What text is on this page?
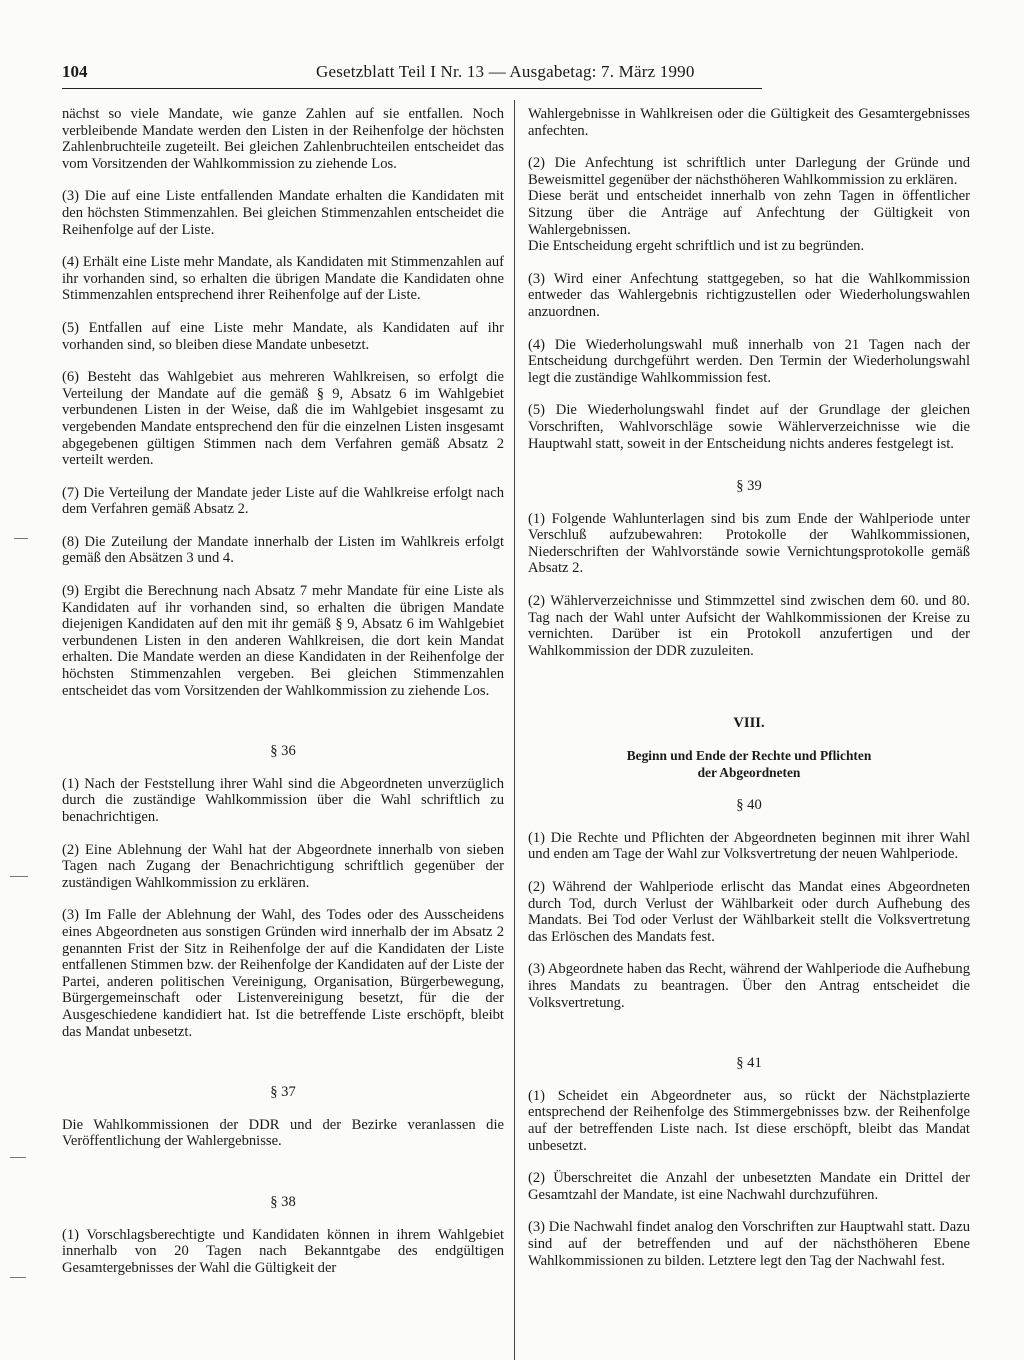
104	Gesetzblatt Teil I Nr. 13 — Ausgabetag: 7. März 1990

nächst so viele Mandate, wie ganze Zahlen auf sie entfallen. Noch verbleibende Mandate werden den Listen in der Reihenfolge der höchsten Zahlenbruchteile zugeteilt. Bei gleichen Zahlenbruchteilen entscheidet das vom Vorsitzenden der Wahlkommission zu ziehende Los.

(3) Die auf eine Liste entfallenden Mandate erhalten die Kandidaten mit den höchsten Stimmenzahlen. Bei gleichen Stimmenzahlen entscheidet die Reihenfolge auf der Liste.

(4) Erhält eine Liste mehr Mandate, als Kandidaten mit Stimmenzahlen auf ihr vorhanden sind, so erhalten die übrigen Mandate die Kandidaten ohne Stimmenzahlen entsprechend ihrer Reihenfolge auf der Liste.

(5) Entfallen auf eine Liste mehr Mandate, als Kandidaten auf ihr vorhanden sind, so bleiben diese Mandate unbesetzt.

(6) Besteht das Wahlgebiet aus mehreren Wahlkreisen, so erfolgt die Verteilung der Mandate auf die gemäß § 9, Absatz 6 im Wahlgebiet verbundenen Listen in der Weise, daß die im Wahlgebiet insgesamt zu vergebenden Mandate entsprechend den für die einzelnen Listen insgesamt abgegebenen gültigen Stimmen nach dem Verfahren gemäß Absatz 2 verteilt werden.

(7) Die Verteilung der Mandate jeder Liste auf die Wahlkreise erfolgt nach dem Verfahren gemäß Absatz 2.

(8) Die Zuteilung der Mandate innerhalb der Listen im Wahlkreis erfolgt gemäß den Absätzen 3 und 4.

(9) Ergibt die Berechnung nach Absatz 7 mehr Mandate für eine Liste als Kandidaten auf ihr vorhanden sind, so erhalten die übrigen Mandate diejenigen Kandidaten auf den mit ihr gemäß § 9, Absatz 6 im Wahlgebiet verbundenen Listen in den anderen Wahlkreisen, die dort kein Mandat erhalten. Die Mandate werden an diese Kandidaten in der Reihenfolge der höchsten Stimmenzahlen vergeben. Bei gleichen Stimmenzahlen entscheidet das vom Vorsitzenden der Wahlkommission zu ziehende Los.

§ 36

(1) Nach der Feststellung ihrer Wahl sind die Abgeordneten unverzüglich durch die zuständige Wahlkommission über die Wahl schriftlich zu benachrichtigen.

(2) Eine Ablehnung der Wahl hat der Abgeordnete innerhalb von sieben Tagen nach Zugang der Benachrichtigung schriftlich gegenüber der zuständigen Wahlkommission zu erklären.

(3) Im Falle der Ablehnung der Wahl, des Todes oder des Ausscheidens eines Abgeordneten aus sonstigen Gründen wird innerhalb der im Absatz 2 genannten Frist der Sitz in Reihenfolge der auf die Kandidaten der Liste entfallenen Stimmen bzw. der Reihenfolge der Kandidaten auf der Liste der Partei, anderen politischen Vereinigung, Organisation, Bürgerbewegung, Bürgergemeinschaft oder Listenvereinigung besetzt, für die der Ausgeschiedene kandidiert hat. Ist die betreffende Liste erschöpft, bleibt das Mandat unbesetzt.

§ 37

Die Wahlkommissionen der DDR und der Bezirke veranlassen die Veröffentlichung der Wahlergebnisse.

§ 38

(1) Vorschlagsberechtigte und Kandidaten können in ihrem Wahlgebiet innerhalb von 20 Tagen nach Bekanntgabe des endgültigen Gesamtergebnisses der Wahl die Gültigkeit der

Wahlergebnisse in Wahlkreisen oder die Gültigkeit des Gesamtergebnisses anfechten.

(2) Die Anfechtung ist schriftlich unter Darlegung der Gründe und Beweismittel gegenüber der nächsthöheren Wahlkommission zu erklären.

Diese berät und entscheidet innerhalb von zehn Tagen in öffentlicher Sitzung über die Anträge auf Anfechtung der Gültigkeit von Wahlergebnissen.

Die Entscheidung ergeht schriftlich und ist zu begründen.

(3) Wird einer Anfechtung stattgegeben, so hat die Wahlkommission entweder das Wahlergebnis richtigzustellen oder Wiederholungswahlen anzuordnen.

(4) Die Wiederholungswahl muß innerhalb von 21 Tagen nach der Entscheidung durchgeführt werden. Den Termin der Wiederholungswahl legt die zuständige Wahlkommission fest.

(5) Die Wiederholungswahl findet auf der Grundlage der gleichen Vorschriften, Wahlvorschläge sowie Wählerverzeichnisse wie die Hauptwahl statt, soweit in der Entscheidung nichts anderes festgelegt ist.

§ 39

(1) Folgende Wahlunterlagen sind bis zum Ende der Wahlperiode unter Verschluß aufzubewahren: Protokolle der Wahlkommissionen, Niederschriften der Wahlvorstände sowie Vernichtungsprotokolle gemäß Absatz 2.

(2) Wählerverzeichnisse und Stimmzettel sind zwischen dem 60. und 80. Tag nach der Wahl unter Aufsicht der Wahlkommissionen der Kreise zu vernichten. Darüber ist ein Protokoll anzufertigen und der Wahlkommission der DDR zuzuleiten.

VIII.
Beginn und Ende der Rechte und Pflichten
der Abgeordneten
§ 40

(1) Die Rechte und Pflichten der Abgeordneten beginnen mit ihrer Wahl und enden am Tage der Wahl zur Volksvertretung der neuen Wahlperiode.

(2) Während der Wahlperiode erlischt das Mandat eines Abgeordneten durch Tod, durch Verlust der Wählbarkeit oder durch Aufhebung des Mandats. Bei Tod oder Verlust der Wählbarkeit stellt die Volksvertretung das Erlöschen des Mandats fest.

(3) Abgeordnete haben das Recht, während der Wahlperiode die Aufhebung ihres Mandats zu beantragen. Über den Antrag entscheidet die Volksvertretung.

§ 41

(1) Scheidet ein Abgeordneter aus, so rückt der Nächstplazierte entsprechend der Reihenfolge des Stimmergebnisses bzw. der Reihenfolge auf der betreffenden Liste nach. Ist diese erschöpft, bleibt das Mandat unbesetzt.

(2) Überschreitet die Anzahl der unbesetzten Mandate ein Drittel der Gesamtzahl der Mandate, ist eine Nachwahl durchzuführen.

(3) Die Nachwahl findet analog den Vorschriften zur Hauptwahl statt. Dazu sind auf der betreffenden und auf der nächsthöheren Ebene Wahlkommissionen zu bilden. Letztere legt den Tag der Nachwahl fest.
